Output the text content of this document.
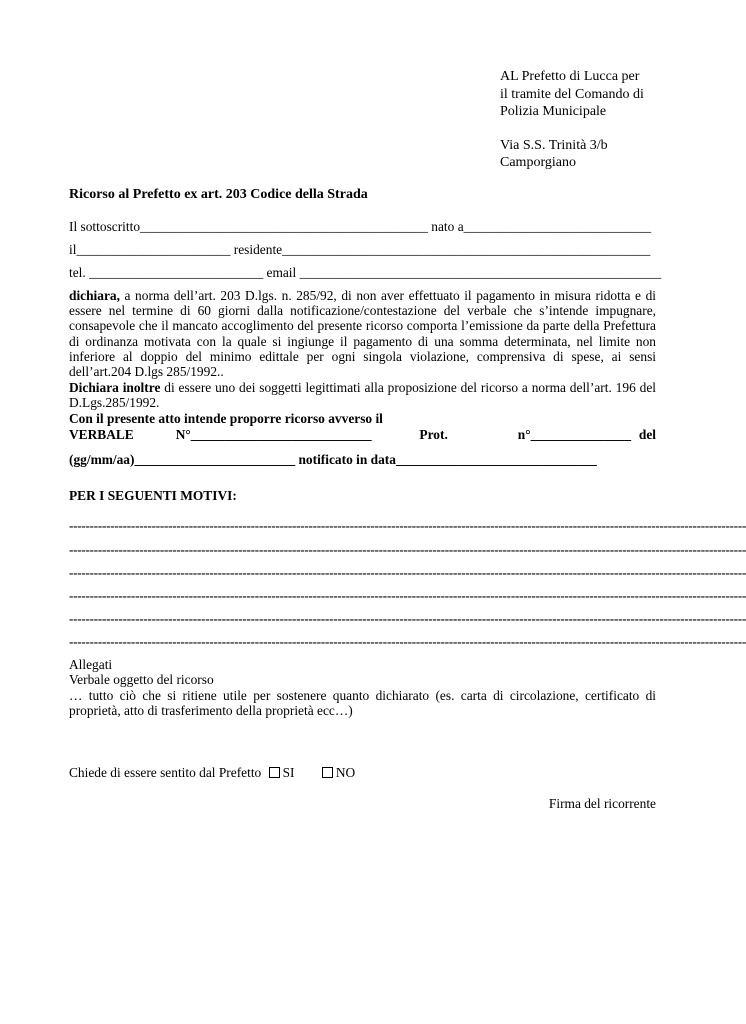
AL Prefetto di Lucca per
il tramite del Comando di
Polizia Municipale
Via S.S. Trinità 3/b
Camporgiano
Ricorso al Prefetto ex art. 203 Codice della Strada
Il sottoscritto___________________________________________ nato a____________________________
il_______________________ residente_______________________________________________________
tel. __________________________ email ______________________________________________________
dichiara, a norma dell’art. 203 D.lgs. n. 285/92, di non aver effettuato il pagamento in misura ridotta e di essere nel termine di 60 giorni dalla notificazione/contestazione del verbale che s’intende impugnare, consapevole che il mancato accoglimento del presente ricorso comporta l’emissione da parte della Prefettura di ordinanza motivata con la quale si ingiunge il pagamento di una somma determinata, nel limite non inferiore al doppio del minimo edittale per ogni singola violazione, comprensiva di spese, ai sensi dell’art.204 D.lgs 285/1992..
Dichiara inoltre di essere uno dei soggetti legittimati alla proposizione del ricorso a norma dell’art. 196 del D.Lgs.285/1992.
Con il presente atto intende proporre ricorso avverso il
VERBALE	N°___________________________	Prot.	n°_______________ del
(gg/mm/aa)________________________ notificato in data______________________________
PER I SEGUENTI MOTIVI:
--------------------------------------------------------------------------------------------------------------------------------------------------------------------
--------------------------------------------------------------------------------------------------------------------------------------------------------------------
--------------------------------------------------------------------------------------------------------------------------------------------------------------------
--------------------------------------------------------------------------------------------------------------------------------------------------------------------
--------------------------------------------------------------------------------------------------------------------------------------------------------------------
--------------------------------------------------------------------------------------------------------------------------------------------------------------------
Allegati
Verbale oggetto del ricorso
… tutto ciò che si ritiene utile per sostenere quanto dichiarato (es. carta di circolazione, certificato di proprietà, atto di trasferimento della proprietà ecc…)
Chiede di essere sentito dal Prefetto SI	NO
Firma del ricorrente
